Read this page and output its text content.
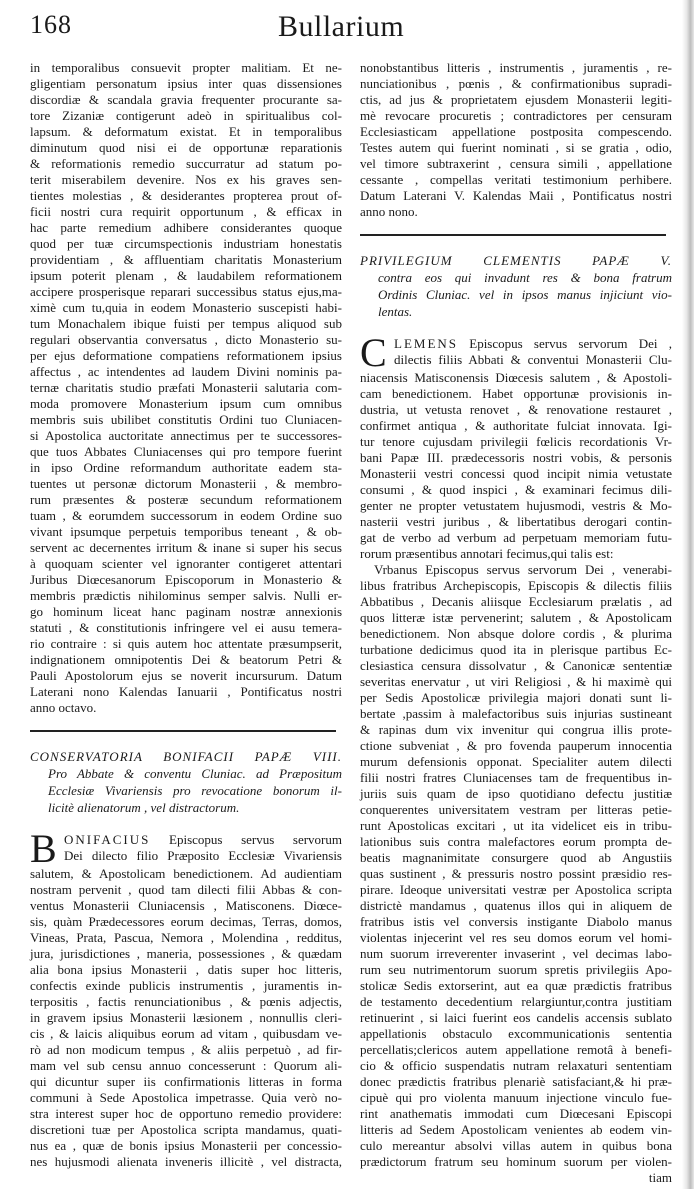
168	Bullarium
in temporalibus consuevit propter malitiam. Et ne-
gligentiam personatum ipsius inter quas dissensiones
discordiæ & scandala gravia frequenter procurante sa-
tore Zizaniæ contigerunt adeò in spiritualibus col-
lapsum. & deformatum existat. Et in temporalibus
diminutum quod nisi ei de opportunæ reparationis
& reformationis remedio succurratur ad statum po-
terit miserabilem devenire. Nos ex his graves sen-
tientes molestias , & desiderantes propterea prout of-
ficii nostri cura requirit opportunum , & efficax in
hac parte remedium adhibere considerantes quoque
quod per tuæ circumspectionis industriam honestatis
providentiam , & affluentiam charitatis Monasterium
ipsum poterit plenam , & laudabilem reformationem
accipere prosperisque reparari successibus status ejus,ma-
ximè cum tu,quia in eodem Monasterio suscepisti habi-
tum Monachalem ibique fuisti per tempus aliquod sub
regulari observantia conversatus , dicto Monasterio su-
per ejus deformatione compatiens reformationem ipsius
affectus , ac intendentes ad laudem Divini nominis pa-
ternæ charitatis studio præfati Monasterii salutaria com-
moda promovere Monasterium ipsum cum omnibus
membris suis ubilibet constitutis Ordini tuo Cluniacen-
si Apostolica auctoritate annectimus per te successores-
que tuos Abbates Cluniacenses qui pro tempore fuerint
in ipso Ordine reformandum authoritate eadem sta-
tuentes ut personæ dictorum Monasterii , & membro-
rum præsentes & posteræ secundum reformationem
tuam , & eorumdem successorum in eodem Ordine suo
vivant ipsumque perpetuis temporibus teneant , & ob-
servent ac decernentes irritum & inane si super his secus
à quoquam scienter vel ignoranter contigeret attentari
Juribus Diœcesanorum Episcoporum in Monasterio &
membris prædictis nihilominus semper salvis. Nulli er-
go hominum liceat hanc paginam nostræ annexionis
statuti , & constitutionis infringere vel ei ausu temera-
rio contraire : si quis autem hoc attentate præsumpserit,
indignationem omnipotentis Dei & beatorum Petri &
Pauli Apostolorum ejus se noverit incursurum. Datum
Laterani nono Kalendas Ianuarii , Pontificatus nostri
anno octavo.
CONSERVATORIA BONIFACII PAPÆ VIII.
Pro Abbate & conventu Cluniac. ad Præpositum
Ecclesiæ Vivariensis pro revocatione bonorum il-
licitè alienatorum , vel distractorum.
B ONIFACIUS Episcopus servus servorum
Dei dilecto filio Præposito Ecclesiæ Vivariensis
salutem, & Apostolicam benedictionem. Ad audientiam
nostram pervenit , quod tam dilecti filii Abbas & con-
ventus Monasterii Cluniacensis , Matisconens. Diœce-
sis, quàm Prædecessores eorum decimas, Terras, domos,
Vineas, Prata, Pascua, Nemora , Molendina , redditus,
jura, jurisdictiones , maneria, possessiones , & quædam
alia bona ipsius Monasterii , datis super hoc litteris,
confectis exinde publicis instrumentis , juramentis in-
terpositis , factis renunciationibus , & pœnis adjectis,
in gravem ipsius Monasterii læsionem , nonnullis cleri-
cis , & laicis aliquibus eorum ad vitam , quibusdam ve-
rò ad non modicum tempus , & aliis perpetuò , ad fir-
mam vel sub censu annuo concesserunt : Quorum ali-
qui dicuntur super iis confirmationis litteras in forma
communi à Sede Apostolica impetrasse. Quia verò no-
stra interest super hoc de opportuno remedio providere:
discretioni tuæ per Apostolica scripta mandamus, quati-
nus ea , quæ de bonis ipsius Monasterii per concessio-
nes hujusmodi alienata inveneris illicitè , vel distracta,
nonobstantibus litteris , instrumentis , juramentis , re-
nunciationibus , pœnis , & confirmationibus supradi-
ctis, ad jus & proprietatem ejusdem Monasterii legiti-
mè revocare procuretis ; contradictores per censuram
Ecclesiasticam appellatione postposita compescendo.
Testes autem qui fuerint nominati , si se gratia , odio,
vel timore subtraxerint , censura simili , appellatione
cessante , compellas veritati testimonium perhibere.
Datum Laterani V. Kalendas Maii , Pontificatus nostri
anno nono.
PRIVILEGIUM CLEMENTIS PAPÆ V.
contra eos qui invadunt res & bona fratrum
Ordinis Cluniac. vel in ipsos manus injiciunt vio-
lentas.
C LEMENS Episcopus servus servorum Dei ,
dilectis filiis Abbati & conventui Monasterii Clu-
niacensis Matisconensis Diœcesis salutem , & Apostoli-
cam benedictionem. Habet opportunæ provisionis in-
dustria, ut vetusta renovet , & renovatione restauret ,
confirmet antiqua , & authoritate fulciat innovata. Igi-
tur tenore cujusdam privilegii fœlicis recordationis Vr-
bani Papæ III. prædecessoris nostri vobis, & personis
Monasterii vestri concessi quod incipit nimia vetustate
consumi , & quod inspici , & examinari fecimus dili-
genter ne propter vetustatem hujusmodi, vestris & Mo-
nasterii vestri juribus , & libertatibus derogari contin-
gat de verbo ad verbum ad perpetuam memoriam futu-
rorum præsentibus annotari fecimus,qui talis est:
Vrbanus Episcopus servus servorum Dei , venerabi-
libus fratribus Archepiscopis, Episcopis & dilectis filiis
Abbatibus , Decanis aliisque Ecclesiarum prælatis , ad
quos litteræ istæ pervenerint; salutem , & Apostolicam
benedictionem. Non absque dolore cordis , & plurima
turbatione dedicimus quod ita in plerisque partibus Ec-
clesiastica censura dissolvatur , & Canonicæ sententiæ
severitas enervatur , ut viri Religiosi , & hi maximè qui
per Sedis Apostolicæ privilegia majori donati sunt li-
bertate ,passim à malefactoribus suis injurias sustineant
& rapinas dum vix invenitur qui congrua illis prote-
ctione subveniat , & pro fovenda pauperum innocentia
murum defensionis opponat. Specialiter autem dilecti
filii nostri fratres Cluniacenses tam de frequentibus in-
juriis suis quam de ipso quotidiano defectu justitiæ
conquerentes universitatem vestram per litteras petie-
runt Apostolicas excitari , ut ita videlicet eis in tribu-
lationibus suis contra malefactores eorum prompta de-
beatis magnanimitate consurgere quod ab Angustiis
quas sustinent , & pressuris nostro possint præsidio res-
pirare. Ideoque universitati vestræ per Apostolica scripta
districtè mandamus , quatenus illos qui in aliquem de
fratribus istis vel conversis instigante Diabolo manus
violentas injecerint vel res seu domos eorum vel homi-
num suorum irreverenter invaserint , vel decimas labo-
rum seu nutrimentorum suorum spretis privilegiis Apo-
stolicæ Sedis extorserint, aut ea quæ prædictis fratribus
de testamento decedentium relargiuntur,contra justitiam
retinuerint , si laici fuerint eos candelis accensis sublato
appellationis obstaculo excommunicationis sententia
percellatis;clericos autem appellatione remotâ à benefi-
cio & officio suspendatis nutram relaxaturi sententiam
donec prædictis fratribus plenariè satisfaciant,& hi præ-
cipuè qui pro violenta manuum injectione vinculo fue-
rint anathematis immodati cum Diœcesani Episcopi
litteris ad Sedem Apostolicam venientes ab eodem vin-
culo mereantur absolvi villas autem in quibus bona
prædictorum fratrum seu hominum suorum per violen-
tiam
